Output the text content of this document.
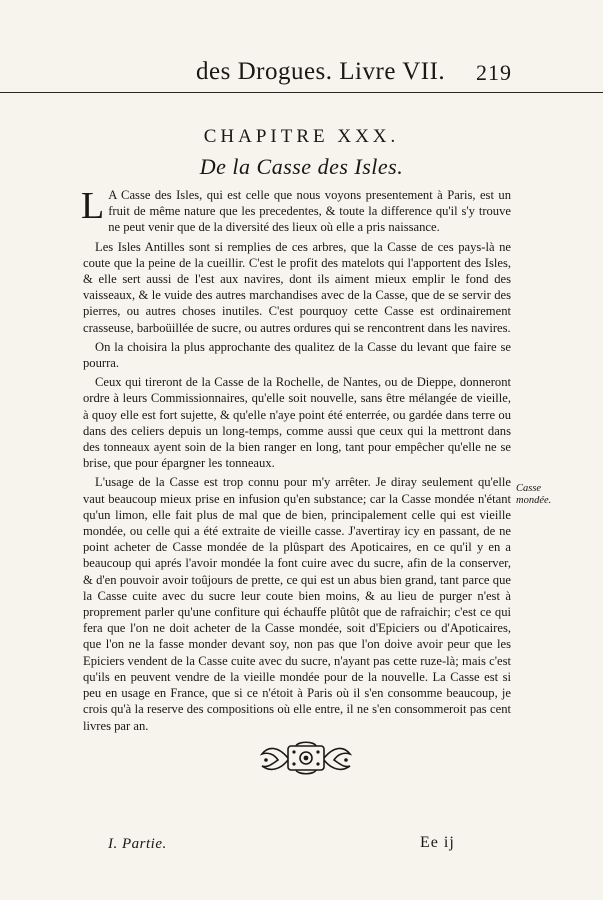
des Drogues. Livre VII. 219
CHAPITRE XXX.
De la Casse des Isles.

L A Casse des Isles, qui est celle que nous voyons presentement à Paris, est un fruit de même nature que les precedentes, & toute la difference qu'il s'y trouve ne peut venir que de la diversité des lieux où elle a pris naissance.

Les Isles Antilles sont si remplies de ces arbres, que la Casse de ces pays-là ne coute que la peine de la cueillir. C'est le profit des matelots qui l'apportent des Isles, & elle sert aussi de l'est aux navires, dont ils aiment mieux emplir le fond des vaisseaux, & le vuide des autres marchandises avec de la Casse, que de se servir des pierres, ou autres choses inutiles. C'est pourquoy cette Casse est ordinairement crasseuse, barboüillée de sucre, ou autres ordures qui se rencontrent dans les navires.

On la choisira la plus approchante des qualitez de la Casse du levant que faire se pourra.

Ceux qui tireront de la Casse de la Rochelle, de Nantes, ou de Dieppe, donneront ordre à leurs Commissionnaires, qu'elle soit nouvelle, sans être mélangée de vieille, à quoy elle est fort sujette, & qu'elle n'aye point été enterrée, ou gardée dans terre ou dans des celiers depuis un long-temps, comme aussi que ceux qui la mettront dans des tonneaux ayent soin de la bien ranger en long, tant pour empêcher qu'elle ne se brise, que pour épargner les tonneaux.

L'usage de la Casse est trop connu pour m'y arrêter. Je diray seulement qu'elle vaut beaucoup mieux prise en infusion qu'en substance; car la Casse mondée n'étant qu'un limon, elle fait plus de mal que de bien, principalement celle qui est vieille mondée, ou celle qui a été extraite de vieille casse. J'avertiray icy en passant, de ne point acheter de Casse mondée de la plûspart des Apoticaires, en ce qu'il y en a beaucoup qui aprés l'avoir mondée la font cuire avec du sucre, afin de la conserver, & d'en pouvoir avoir toûjours de prette, ce qui est un abus bien grand, tant parce que la Casse cuite avec du sucre leur coute bien moins, & au lieu de purger n'est à proprement parler qu'une confiture qui échauffe plûtôt que de rafraichir; c'est ce qui fera que l'on ne doit acheter de la Casse mondée, soit d'Epiciers ou d'Apoticaires, que l'on ne la fasse monder devant soy, non pas que l'on doive avoir peur que les Epiciers vendent de la Casse cuite avec du sucre, n'ayant pas cette ruze-là; mais c'est qu'ils en peuvent vendre de la vieille mondée pour de la nouvelle. La Casse est si peu en usage en France, que si ce n'étoit à Paris où il s'en consomme beaucoup, je crois qu'à la reserve des compositions où elle entre, il ne s'en consommeroit pas cent livres par an.

Casse mondée.
I. Partie.	Ee ij
